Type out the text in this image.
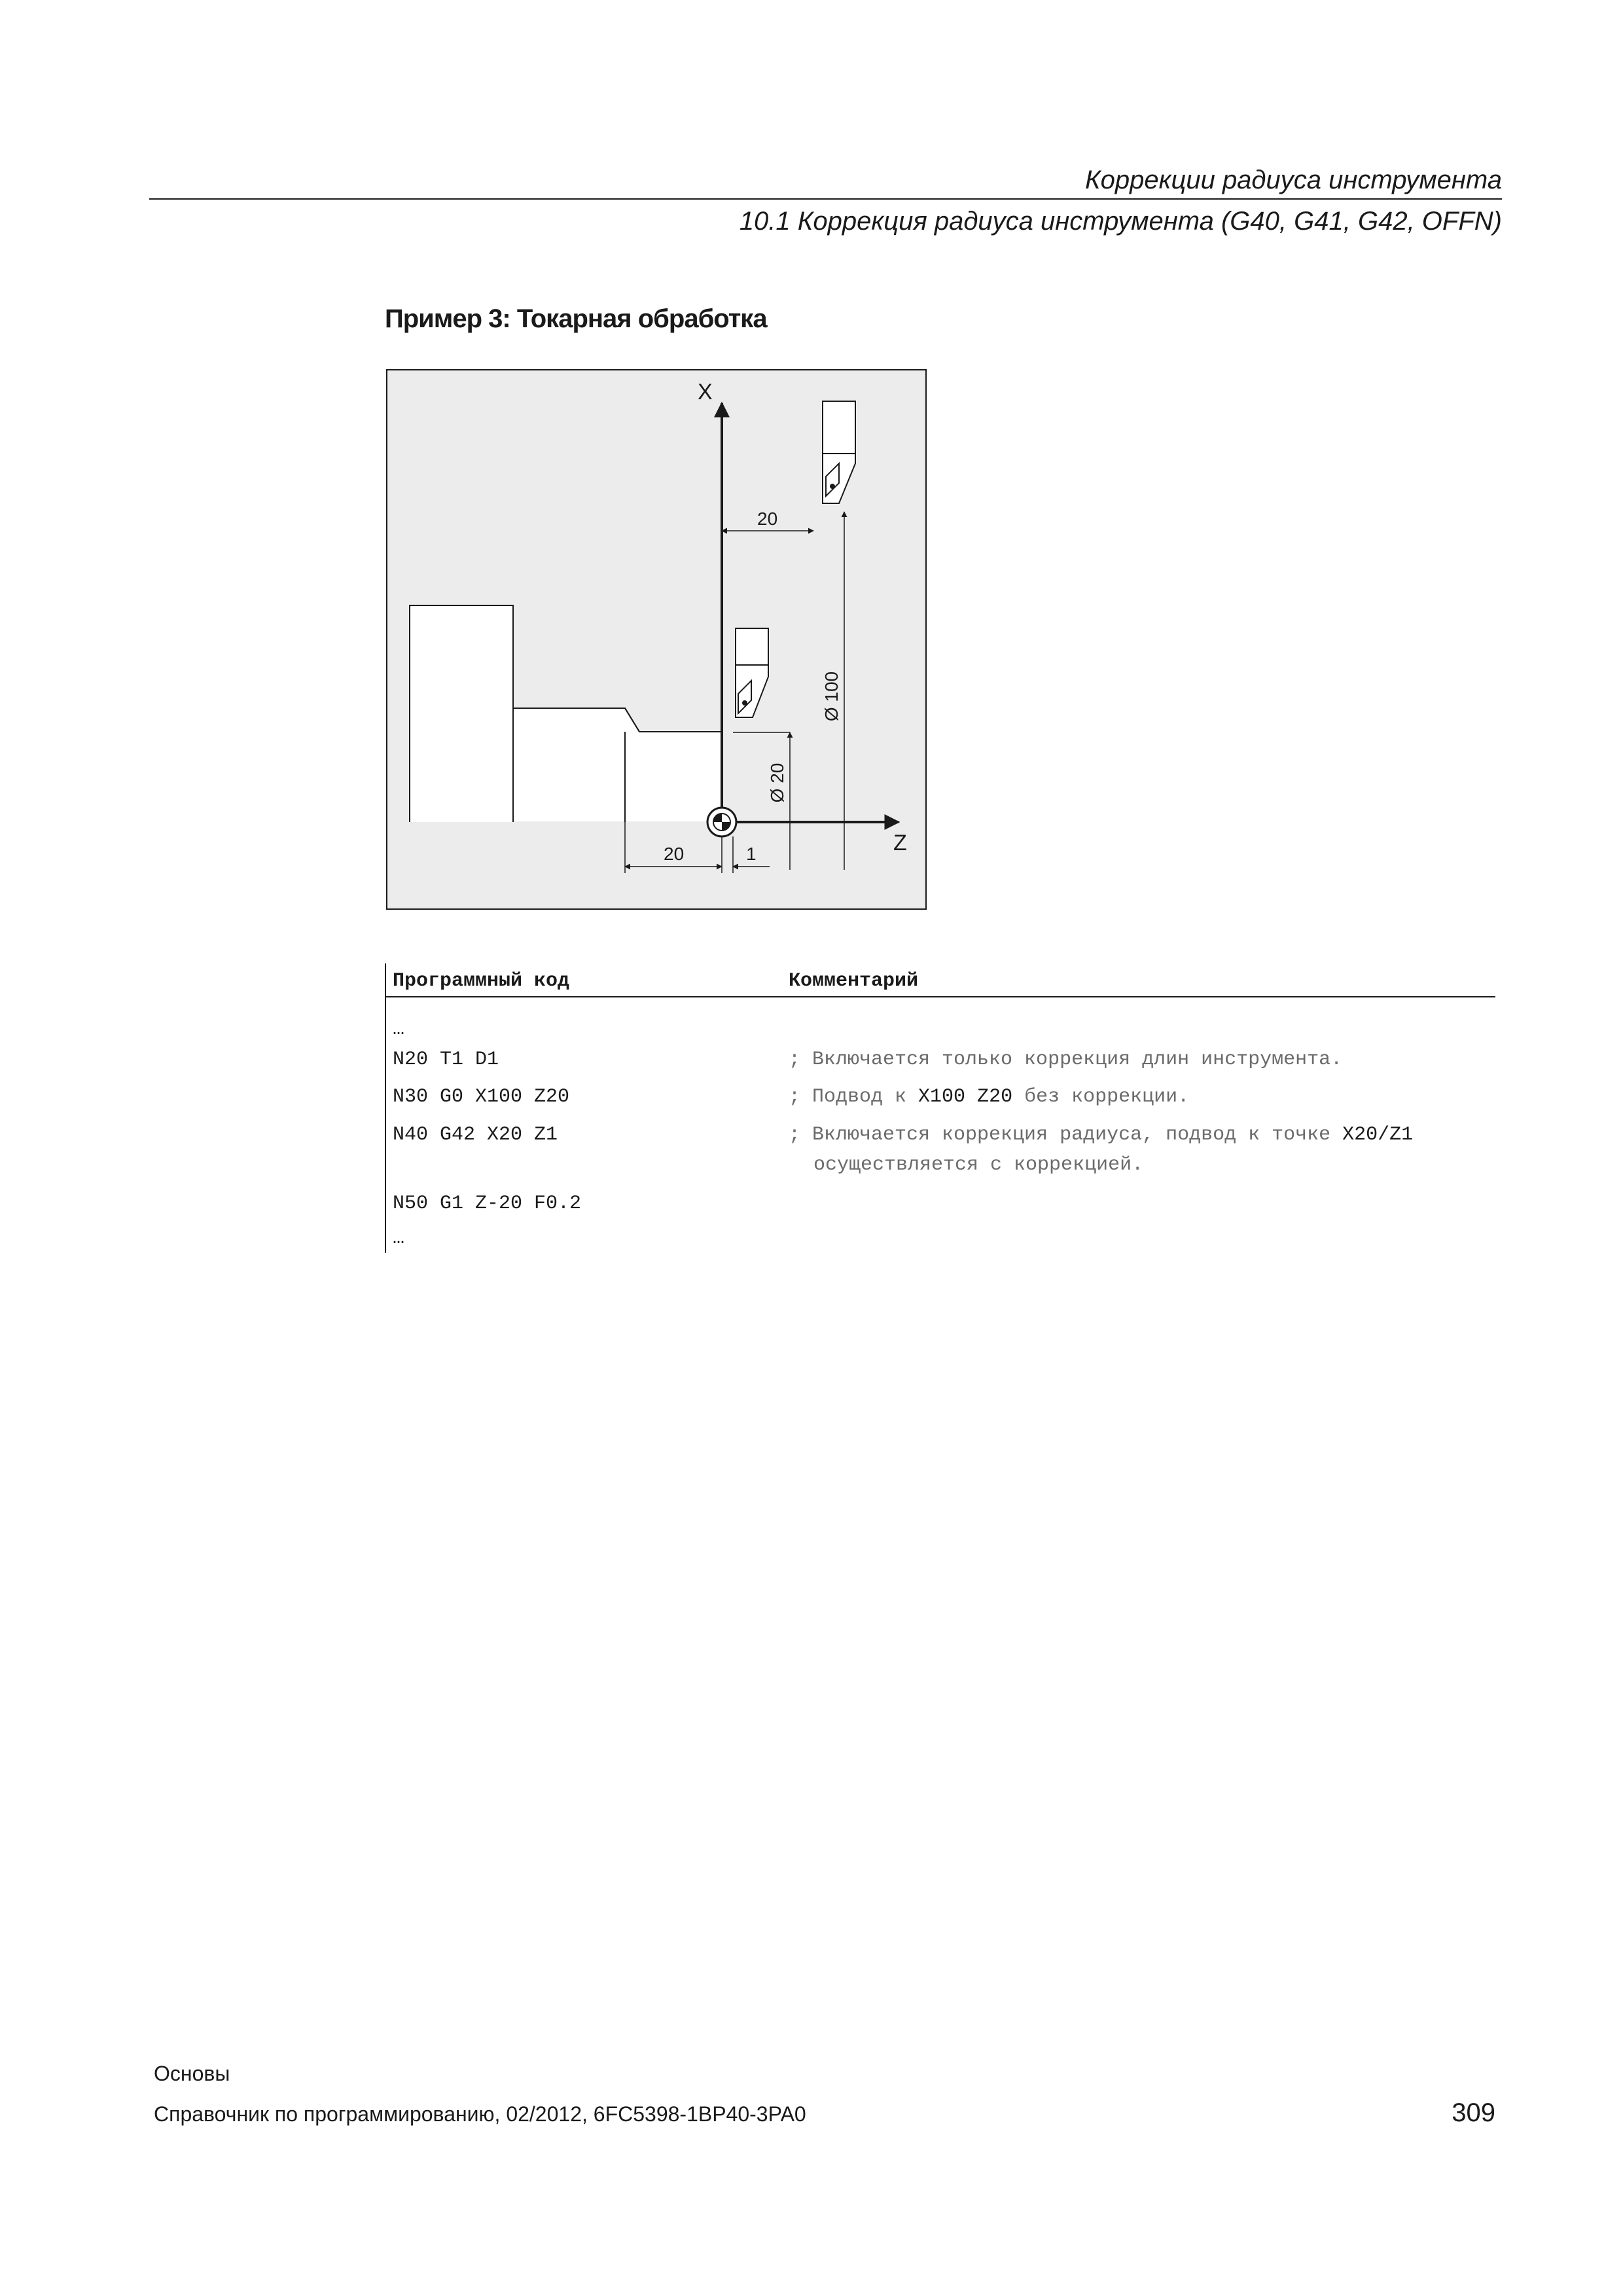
Коррекции радиуса инструмента
10.1 Коррекция радиуса инструмента (G40, G41, G42, OFFN)
Пример 3: Токарная обработка
X
Z
20
Ø 100
Ø 20
20	1
Программный код	Комментарий
…
N20 T1 D1	; Включается только коррекция длин инструмента.
N30 G0 X100 Z20	; Подвод к X100 Z20 без коррекции.
N40 G42 X20 Z1	; Включается коррекция радиуса, подвод к точке X20/Z1
осуществляется с коррекцией.
N50 G1 Z-20 F0.2
…
Основы
Справочник по программированию, 02/2012, 6FC5398-1BP40-3PA0	309
